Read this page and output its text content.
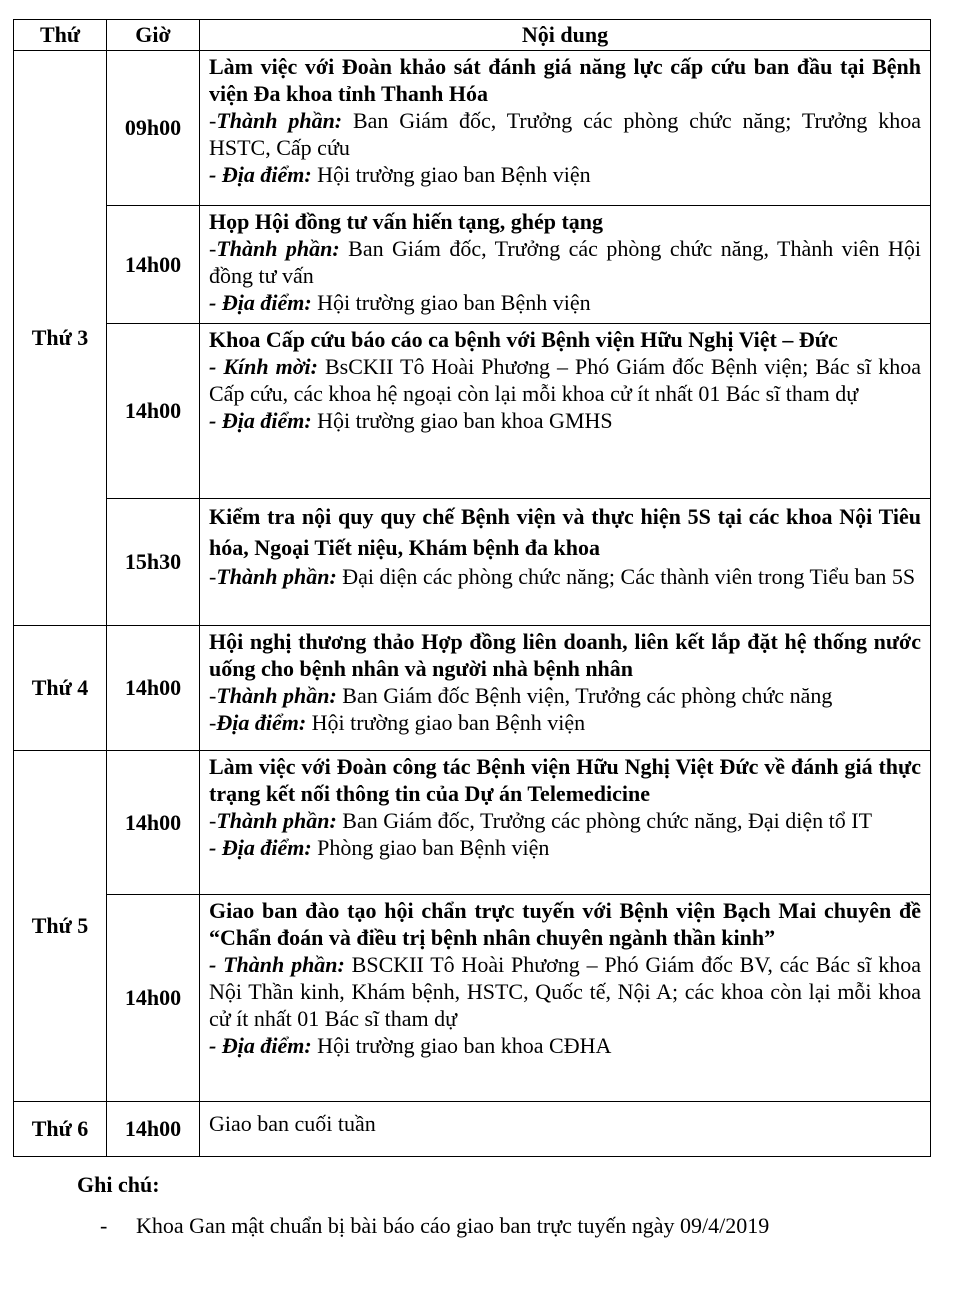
Thứ	Giờ	Nội dung
Thứ 3	09h00	Làm việc với Đoàn khảo sát đánh giá năng lực cấp cứu ban đầu tại Bệnh viện Đa khoa tỉnh Thanh Hóa
-Thành phần: Ban Giám đốc, Trưởng các phòng chức năng; Trưởng khoa HSTC, Cấp cứu
- Địa điểm: Hội trường giao ban Bệnh viện

	14h00	Họp Hội đồng tư vấn hiến tạng, ghép tạng
-Thành phần: Ban Giám đốc, Trưởng các phòng chức năng, Thành viên Hội đồng tư vấn
- Địa điểm: Hội trường giao ban Bệnh viện

	14h00	Khoa Cấp cứu báo cáo ca bệnh với Bệnh viện Hữu Nghị Việt – Đức
- Kính mời: BsCKII Tô Hoài Phương – Phó Giám đốc Bệnh viện; Bác sĩ khoa Cấp cứu, các khoa hệ ngoại còn lại mỗi khoa cử ít nhất 01 Bác sĩ tham dự
- Địa điểm: Hội trường giao ban khoa GMHS

	15h30	Kiểm tra nội quy quy chế Bệnh viện và thực hiện 5S tại các khoa Nội Tiêu hóa, Ngoại Tiết niệu, Khám bệnh đa khoa
-Thành phần: Đại diện các phòng chức năng; Các thành viên trong Tiểu ban 5S

Thứ 4	14h00	Hội nghị thương thảo Hợp đồng liên doanh, liên kết lắp đặt hệ thống nước uống cho bệnh nhân và người nhà bệnh nhân
-Thành phần: Ban Giám đốc Bệnh viện, Trưởng các phòng chức năng
-Địa điểm: Hội trường giao ban Bệnh viện

Thứ 5	14h00	Làm việc với Đoàn công tác Bệnh viện Hữu Nghị Việt Đức về đánh giá thực trạng kết nối thông tin của Dự án Telemedicine
-Thành phần: Ban Giám đốc, Trưởng các phòng chức năng, Đại diện tổ IT
- Địa điểm: Phòng giao ban Bệnh viện

	14h00	Giao ban đào tạo hội chẩn trực tuyến với Bệnh viện Bạch Mai chuyên đề “Chẩn đoán và điều trị bệnh nhân chuyên ngành thần kinh”
- Thành phần: BSCKII Tô Hoài Phương – Phó Giám đốc BV, các Bác sĩ khoa Nội Thần kinh, Khám bệnh, HSTC, Quốc tế, Nội A; các khoa còn lại mỗi khoa cử ít nhất 01 Bác sĩ tham dự
- Địa điểm: Hội trường giao ban khoa CĐHA

Thứ 6	14h00	Giao ban cuối tuần
Ghi chú:
- Khoa Gan mật chuẩn bị bài báo cáo giao ban trực tuyến ngày 09/4/2019
